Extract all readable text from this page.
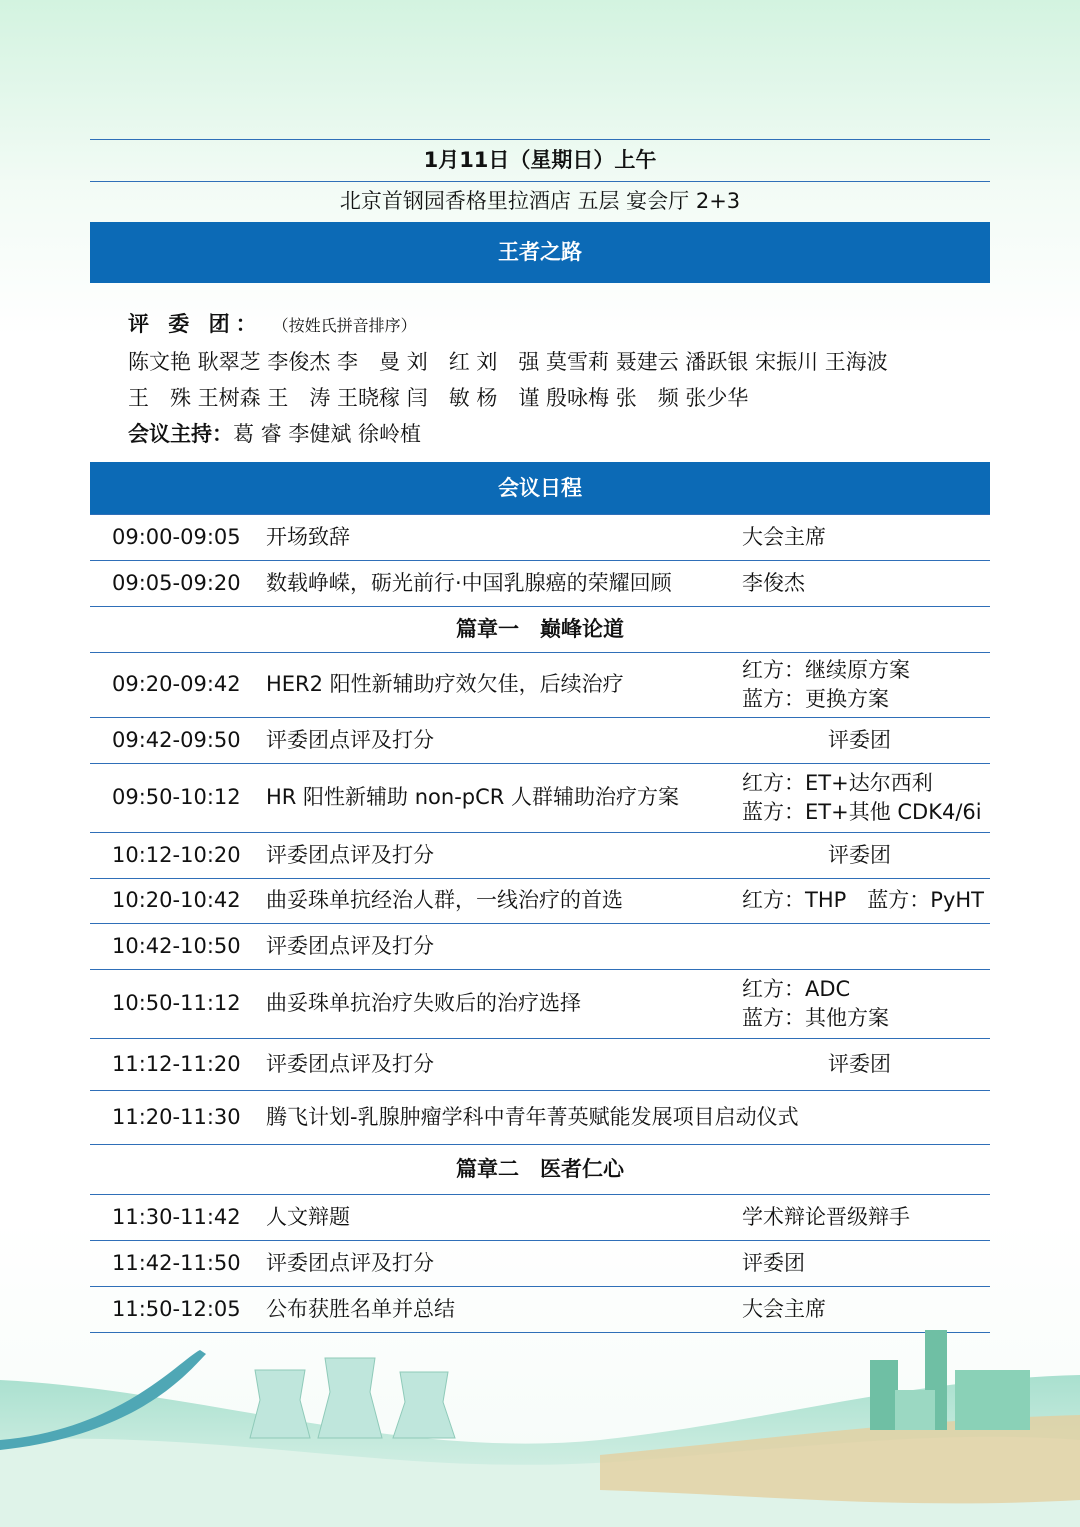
1月11日（星期日）上午
北京首钢园香格里拉酒店 五层 宴会厅 2+3
王者之路
评 委 团： （按姓氏拼音排序）
陈文艳 耿翠芝 李俊杰 李　曼 刘　红 刘　强 莫雪莉 聂建云 潘跃银 宋振川 王海波
王　殊 王树森 王　涛 王晓稼 闫　敏 杨　谨 殷咏梅 张　频 张少华
会议主持：葛 睿 李健斌 徐岭植
会议日程
09:00-09:05 开场致辞	大会主席
09:05-09:20 数载峥嵘，砺光前行·中国乳腺癌的荣耀回顾	李俊杰
篇章一　巅峰论道
09:20-09:42 HER2 阳性新辅助疗效欠佳，后续治疗
红方：继续原方案
蓝方：更换方案
09:42-09:50 评委团点评及打分	评委团
09:50-10:12 HR 阳性新辅助 non-pCR 人群辅助治疗方案
红方：ET+达尔西利
蓝方：ET+其他 CDK4/6i
10:12-10:20 评委团点评及打分	评委团
10:20-10:42 曲妥珠单抗经治人群，一线治疗的首选	红方：THP　蓝方：PyHT
10:42-10:50 评委团点评及打分
10:50-11:12 曲妥珠单抗治疗失败后的治疗选择
红方：ADC
蓝方：其他方案
11:12-11:20 评委团点评及打分	评委团
11:20-11:30 腾飞计划-乳腺肿瘤学科中青年菁英赋能发展项目启动仪式
篇章二　医者仁心
11:30-11:42 人文辩题	学术辩论晋级辩手
11:42-11:50 评委团点评及打分	评委团
11:50-12:05 公布获胜名单并总结	大会主席
